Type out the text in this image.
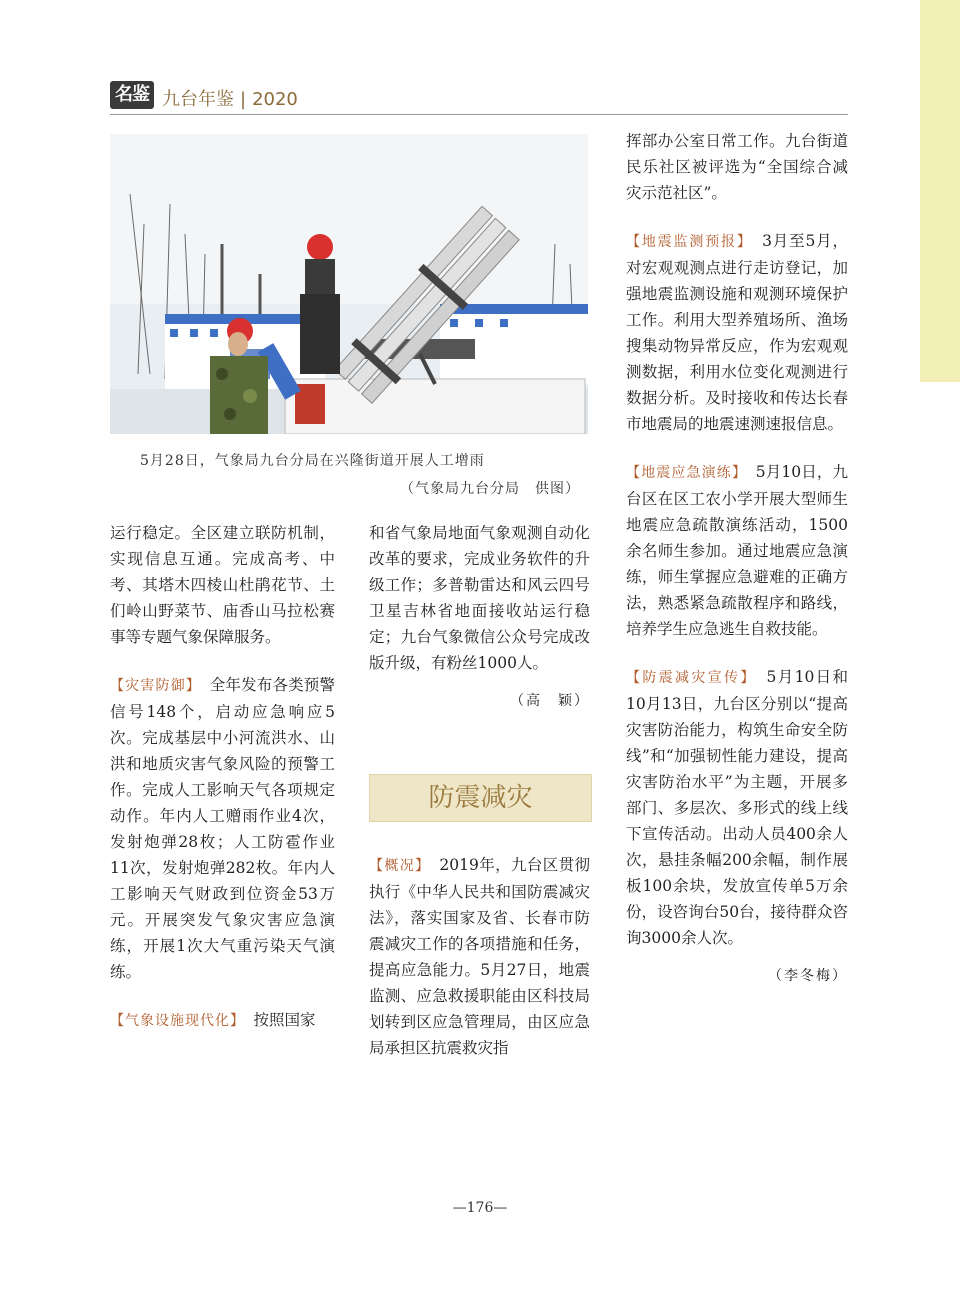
名鉴 九台年鉴 | 2020
5月28日，气象局九台分局在兴隆街道开展人工增雨
（气象局九台分局　供图）

运行稳定。全区建立联防机制，实现信息互通。完成高考、中考、其塔木四棱山杜鹃花节、土们岭山野菜节、庙香山马拉松赛事等专题气象保障服务。

【灾害防御】　 全年发布各类预警信号148个，启动应急响应5次。完成基层中小河流洪水、山洪和地质灾害气象风险的预警工作。完成人工影响天气各项规定动作。年内人工赠雨作业4次，发射炮弹28枚；人工防雹作业11次，发射炮弹282枚。年内人工影响天气财政到位资金53万元。开展突发气象灾害应急演练，开展1次大气重污染天气演练。

【气象设施现代化】　 按照国家

和省气象局地面气象观测自动化改革的要求，完成业务软件的升级工作；多普勒雷达和风云四号卫星吉林省地面接收站运行稳定；九台气象微信公众号完成改版升级，有粉丝1000人。

（高　颖）

防震减灾

【概况】　 2019年，九台区贯彻执行《中华人民共和国防震减灾法》，落实国家及省、长春市防震减灾工作的各项措施和任务，提高应急能力。5月27日，地震监测、应急救援职能由区科技局划转到区应急管理局，由区应急局承担区抗震救灾指

挥部办公室日常工作。九台街道民乐社区被评选为“全国综合减灾示范社区”。

【地震监测预报】　 3月至5月，对宏观观测点进行走访登记，加强地震监测设施和观测环境保护工作。利用大型养殖场所、渔场搜集动物异常反应，作为宏观观测数据，利用水位变化观测进行数据分析。及时接收和传达长春市地震局的地震速测速报信息。

【地震应急演练】　 5月10日，九台区在区工农小学开展大型师生地震应急疏散演练活动，1500余名师生参加。通过地震应急演练，师生掌握应急避难的正确方法，熟悉紧急疏散程序和路线，培养学生应急逃生自救技能。

【防震减灾宣传】　 5月10日和10月13日，九台区分别以“提高灾害防治能力，构筑生命安全防线”和“加强韧性能力建设，提高灾害防治水平”为主题，开展多部门、多层次、多形式的线上线下宣传活动。出动人员400余人次，悬挂条幅200余幅，制作展板100余块，发放宣传单5万余份，设咨询台50台，接待群众咨询3000余人次。

（李冬梅）

—176—
